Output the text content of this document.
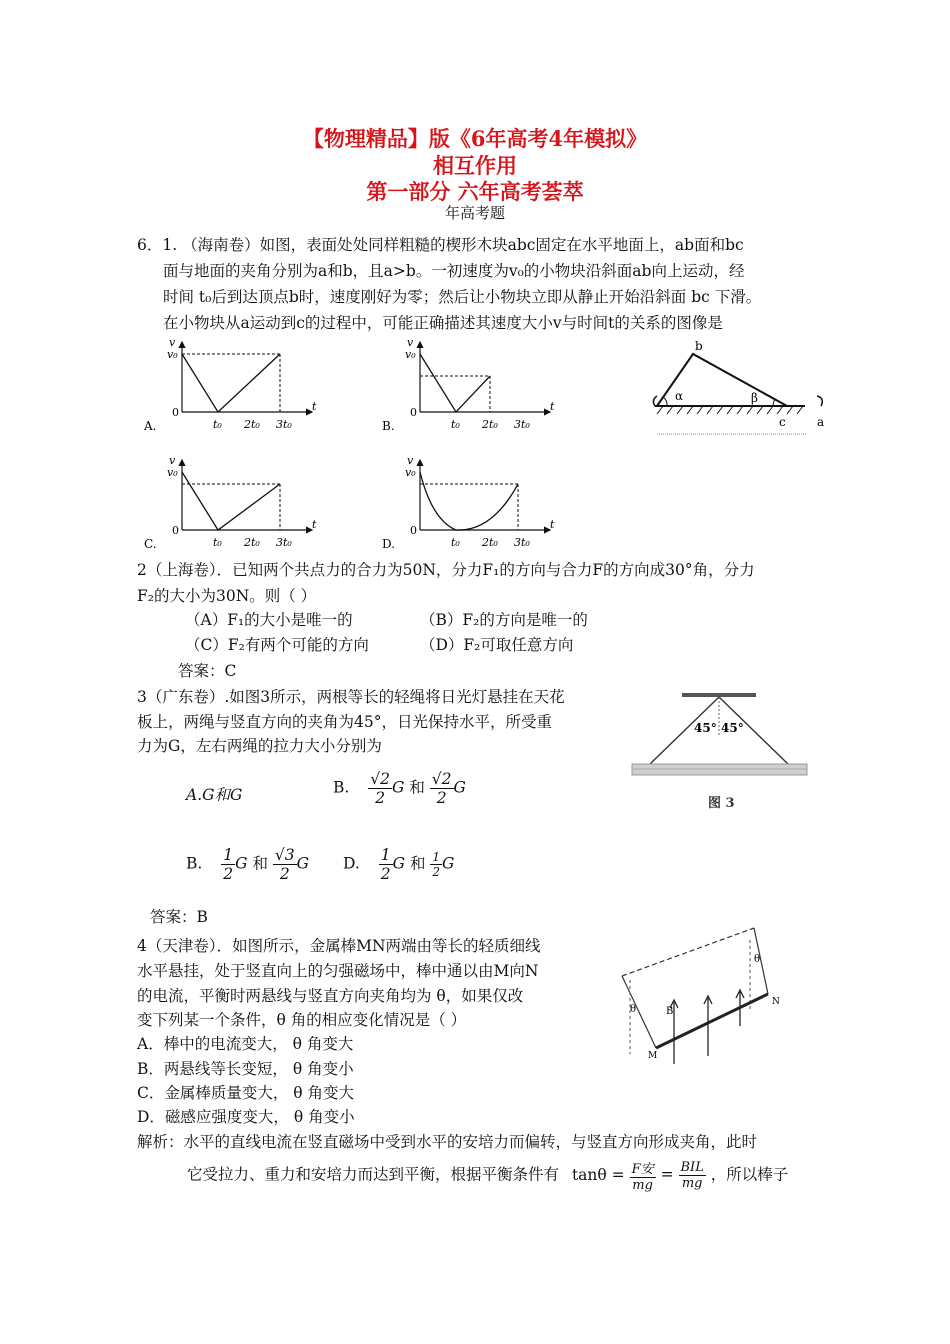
【物理精品】版《6年高考4年模拟》
相互作用
第一部分 六年高考荟萃
年高考题
6．1. （海南卷）如图，表面处处同样粗糙的楔形木块abc固定在水平地面上，ab面和bc
面与地面的夹角分别为a和b，且a>b。一初速度为v₀的小物块沿斜面ab向上运动，经
时间 t₀后到达顶点b时，速度刚好为零；然后让小物块立即从静止开始沿斜面 bc 下滑。
在小物块从a运动到c的过程中，可能正确描述其速度大小v与时间t的关系的图像是
v
v₀
0	t
t₀ 2t₀ 3t₀
A.
v
v₀
0	t
t₀ 2t₀ 3t₀
B.
v
v₀
0	t
t₀ 2t₀ 3t₀
C.
v
v₀
0	t
t₀ 2t₀ 3t₀
D.
b
α	β
c	a
2（上海卷）．已知两个共点力的合力为50N，分力F₁的方向与合力F的方向成30°角，分力
F₂的大小为30N。则（ ）
（A）F₁的大小是唯一的	（B）F₂的方向是唯一的
（C）F₂有两个可能的方向	（D）F₂可取任意方向
答案：C
3（广东卷）.如图3所示，两根等长的轻绳将日光灯悬挂在天花
板上，两绳与竖直方向的夹角为45°，日光保持水平，所受重
力为G，左右两绳的拉力大小分别为
A.G和G	B. $\frac{√2}{2}$ G 和 $\frac{√2}{2}$ G
B. $\frac{1}{2}$ G 和 $\frac{√3}{2}$ G D. $\frac{1}{2}$ G 和 $\frac{1}{2}$ G
答案：B
45° 45°
图 3
4（天津卷）．如图所示，金属棒MN两端由等长的轻质细线
水平悬挂，处于竖直向上的匀强磁场中，棒中通以由M向N
的电流，平衡时两悬线与竖直方向夹角均为 θ，如果仅改
变下列某一个条件，θ 角的相应变化情况是（ ）
A．棒中的电流变大， θ 角变大
B．两悬线等长变短， θ 角变小
C．金属棒质量变大， θ 角变大
D．磁感应强度变大， θ 角变小
θ
θ
B
M
N
解析：水平的直线电流在竖直磁场中受到水平的安培力而偏转，与竖直方向形成夹角，此时
它受拉力、重力和安培力而达到平衡，根据平衡条件有 $\tan\theta = \frac{\text{F安}}{mg} = \frac{\text{BIL}}{mg}$ ，所以棒子
